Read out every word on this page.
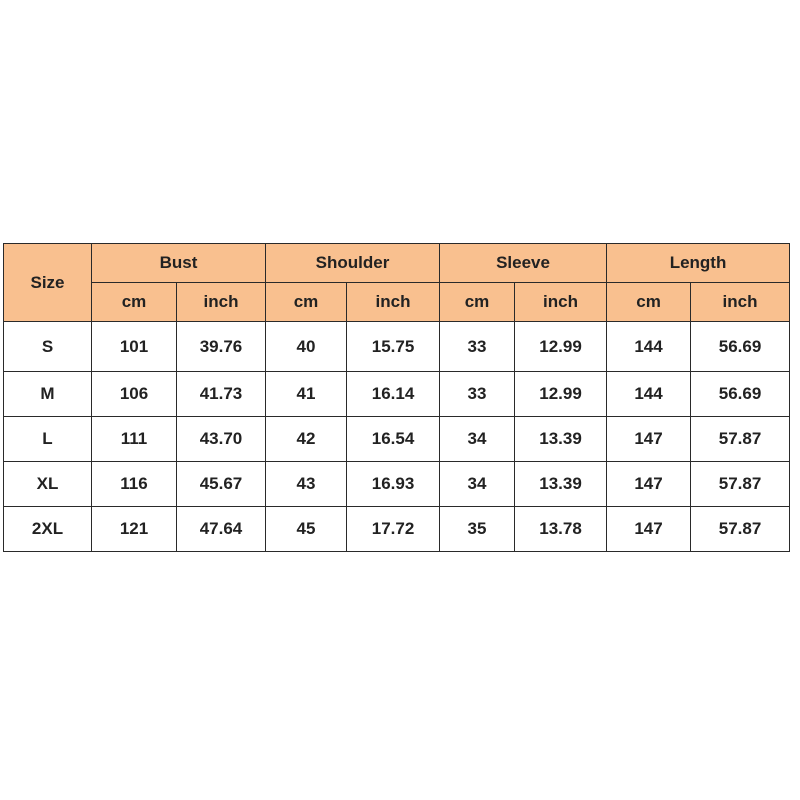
Size	Bust		Shoulder		Sleeve		Length	
	cm	inch	cm	inch	cm	inch	cm	inch
S	101	39.76	40	15.75	33	12.99	144	56.69
M	106	41.73	41	16.14	33	12.99	144	56.69
L	111	43.70	42	16.54	34	13.39	147	57.87
XL	116	45.67	43	16.93	34	13.39	147	57.87
2XL	121	47.64	45	17.72	35	13.78	147	57.87
